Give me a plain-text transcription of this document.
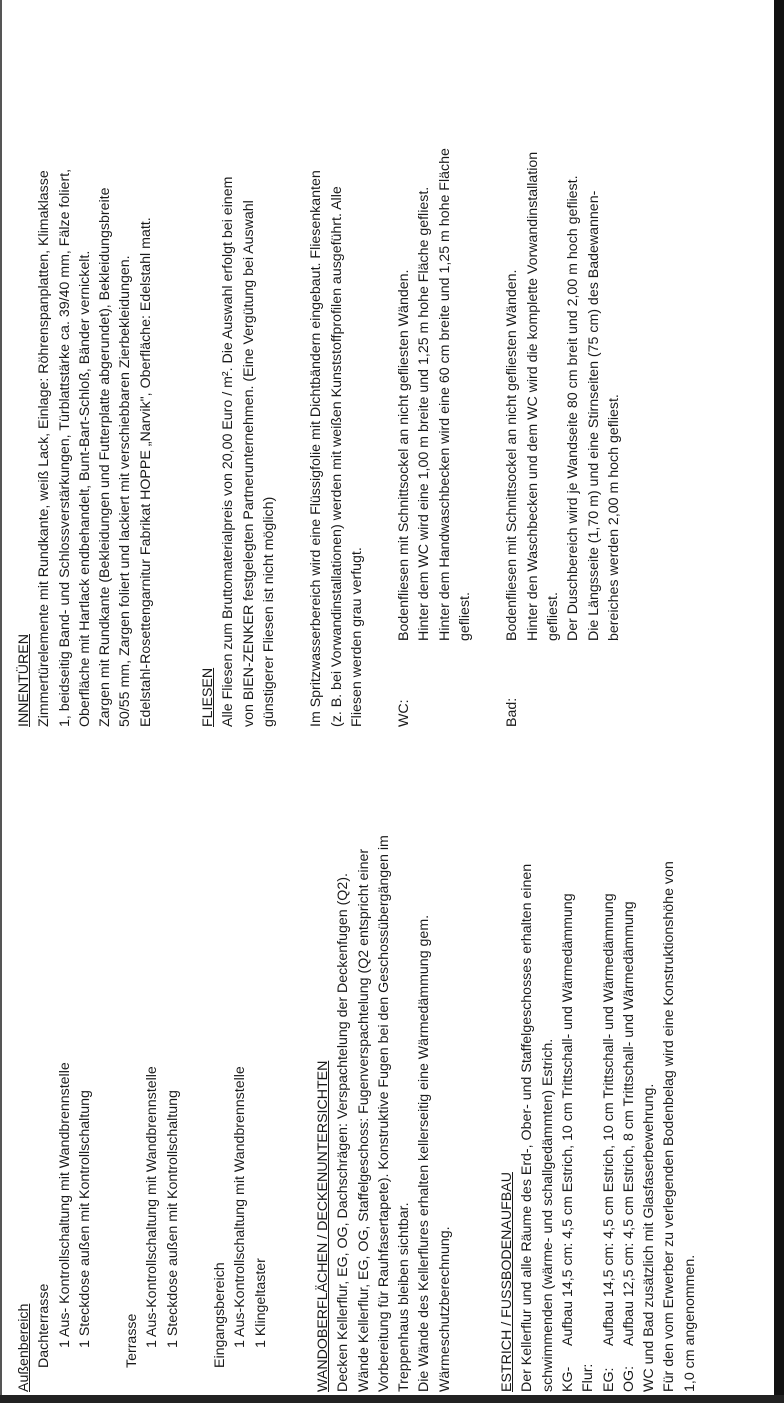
Außenbereich Dachterrasse 1 Aus- Kontrollschaltung mit Wandbrennstelle 1 Steckdose außen mit Kontrollschaltung Terrasse 1 Aus-Kontrollschaltung mit Wandbrennstelle 1 Steckdose außen mit Kontrollschaltung Eingangsbereich 1 Aus-Kontrollschaltung mit Wandbrennstelle 1 Klingeltaster	WANDOBERFLÄCHEN / DECKENUNTERSICHTEN Decken Kellerflur, EG, OG, Dachschrägen: Verspachtelung der Deckenfugen (Q2). Wände Kellerflur, EG, OG, Staffelgeschoss: Fugenverspachtelung (Q2 entspricht einer Vorbereitung für Rauhfasertapete). Konstruktive Fugen bei den Geschossübergängen im Treppenhaus bleiben sichtbar. Die Wände des Kellerflures erhalten kellerseitig eine Wärmedämmung gem. Wärmeschutzberechnung.	ESTRICH / FUSSBODENAUFBAU Der Kellerflur und alle Räume des Erd-, Ober- und Staffelgeschosses erhalten einen schwimmenden (wärme- und schallgedämmten) Estrich. KG-Flur:
Aufbau 14,5 cm: 4,5 cm Estrich, 10 cm Trittschall- und Wärmedämmung
EG:
Aufbau 14,5 cm: 4,5 cm Estrich, 10 cm Trittschall- und Wärmedämmung
OG:
Aufbau 12,5 cm: 4,5 cm Estrich, 8 cm Trittschall- und Wärmedämmung WC und Bad zusätzlich mit Glasfaserbewehrung. Für den vom Erwerber zu verlegenden Bodenbelag wird eine Konstruktionshöhe von 1,0 cm angenommen.
INNENTÜREN Zimmertürelemente mit Rundkante, weiß Lack, Einlage: Röhrenspanplatten, Klimaklasse 1, beidseitig Band- und Schlossverstärkungen, Türblattstärke ca. 39/40 mm, Fälze foliert, Oberfläche mit Hartlack endbehandelt, Bunt-Bart-Schloß, Bänder vernickelt. Zargen mit Rundkante (Bekleidungen und Futterplatte abgerundet), Bekleidungsbreite 50/55 mm, Zargen foliert und lackiert mit verschiebbaren Zierbekleidungen. Edelstahl-Rosettengarnitur Fabrikat HOPPE „Narvik", Oberfläche: Edelstahl matt.	FLIESEN Alle Fliesen zum Bruttomaterialpreis von 20,00 Euro / m². Die Auswahl erfolgt bei einem von BIEN-ZENKER festgelegten Partnerunternehmen. (Eine Vergütung bei Auswahl günstigerer Fliesen ist nicht möglich) Im Spritzwasserbereich wird eine Flüssigfolie mit Dichtbändern eingebaut. Fliesenkanten (z. B. bei Vorwandinstallationen) werden mit weißen Kunststoffprofilen ausgeführt. Alle Fliesen werden grau verfugt. WC:
Bodenfliesen mit Schnittsockel an nicht gefliesten Wänden. Hinter dem WC wird eine 1,00 m breite und 1,25 m hohe Fläche gefliest. Hinter dem Handwaschbecken wird eine 60 cm breite und 1,25 m hohe Fläche gefliest.
Bad:
Bodenfliesen mit Schnittsockel an nicht gefliesten Wänden. Hinter den Waschbecken und dem WC wird die komplette Vorwandinstallation gefliest. Der Duschbereich wird je Wandseite 80 cm breit und 2,00 m hoch gefliest. Die Längsseite (1,70 m) und eine Stirnseiten (75 cm) des Badewannen- bereiches werden 2,00 m hoch gefliest.
